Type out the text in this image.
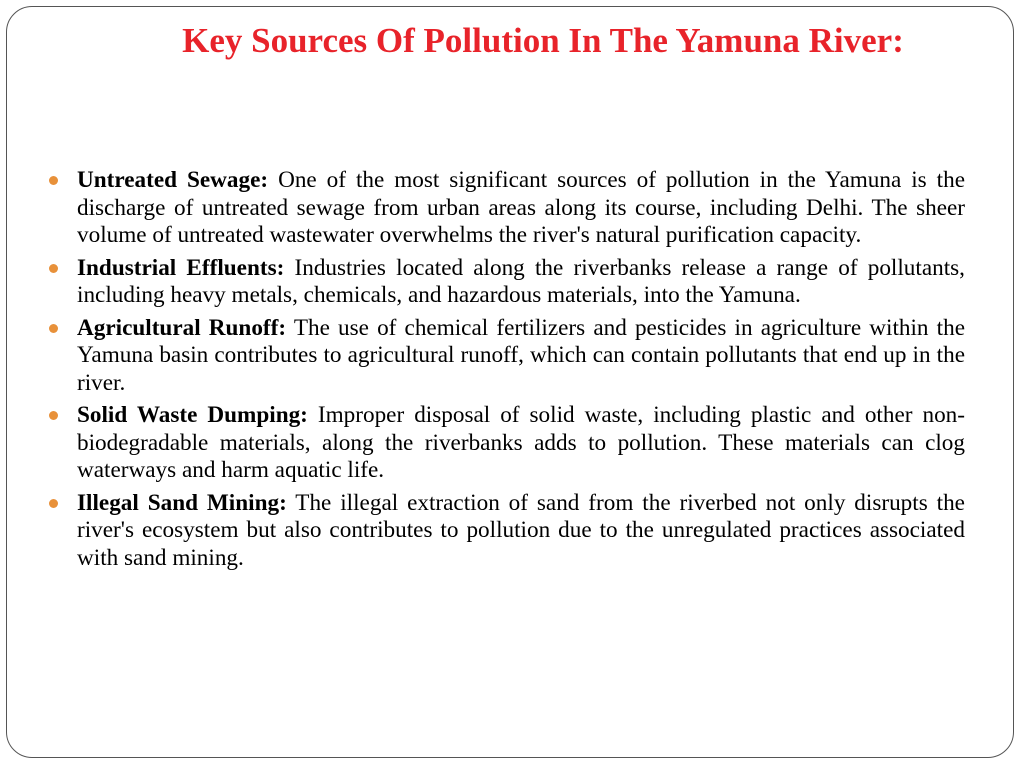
Key Sources Of Pollution In The Yamuna River:
Untreated Sewage: One of the most significant sources of pollution in the Yamuna is the discharge of untreated sewage from urban areas along its course, including Delhi. The sheer volume of untreated wastewater overwhelms the river's natural purification capacity.
Industrial Effluents: Industries located along the riverbanks release a range of pollutants, including heavy metals, chemicals, and hazardous materials, into the Yamuna.
Agricultural Runoff: The use of chemical fertilizers and pesticides in agriculture within the Yamuna basin contributes to agricultural runoff, which can contain pollutants that end up in the river.
Solid Waste Dumping: Improper disposal of solid waste, including plastic and other non-biodegradable materials, along the riverbanks adds to pollution. These materials can clog waterways and harm aquatic life.
Illegal Sand Mining: The illegal extraction of sand from the riverbed not only disrupts the river's ecosystem but also contributes to pollution due to the unregulated practices associated with sand mining.
